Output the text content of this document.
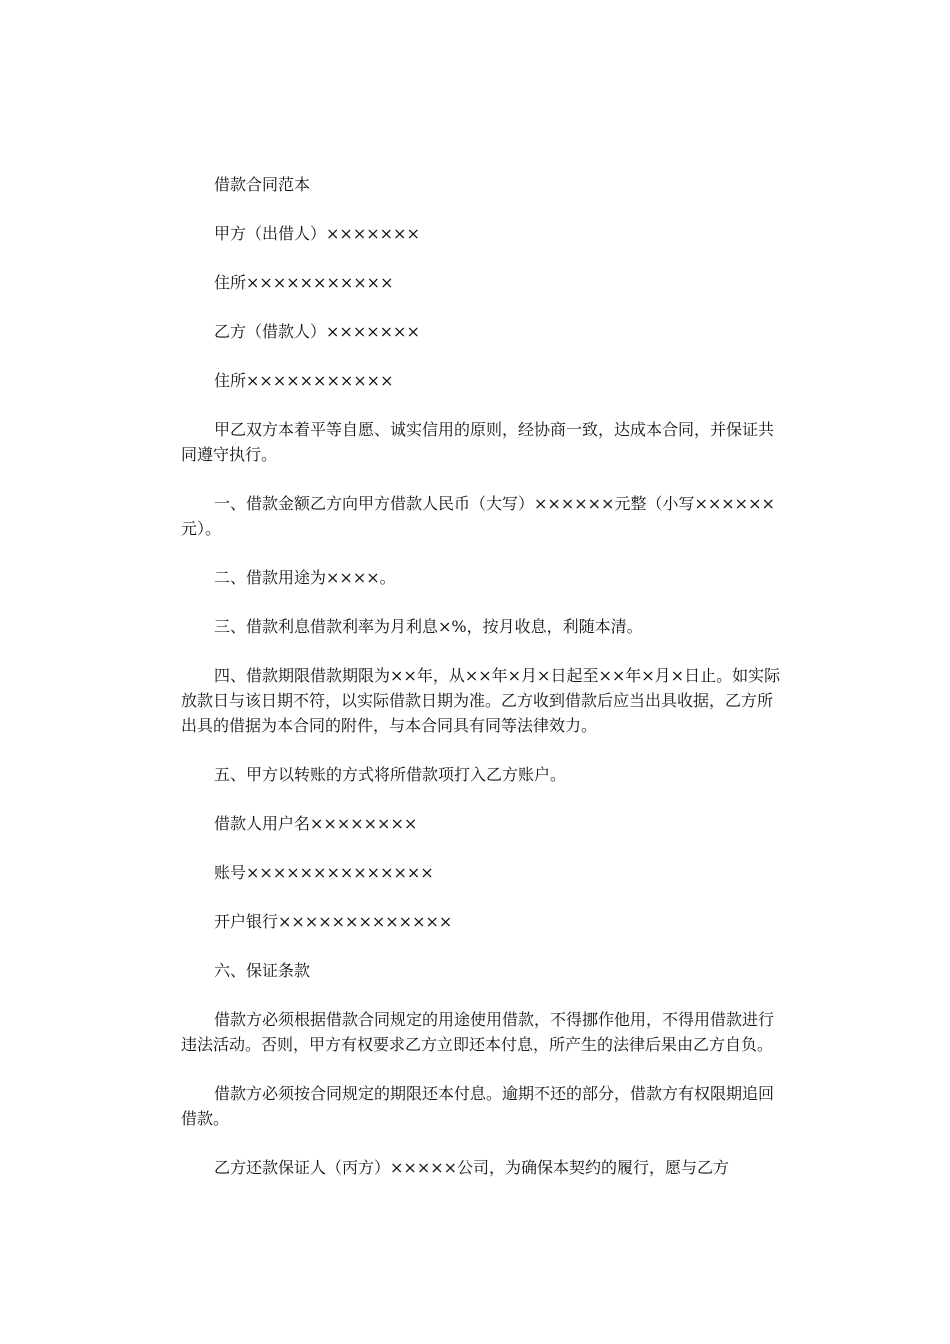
借款合同范本

甲方（出借人）×××××××

住所×××××××××××

乙方（借款人）×××××××

住所×××××××××××

甲乙双方本着平等自愿、诚实信用的原则，经协商一致，达成本合同，并保证共同遵守执行。

一、借款金额乙方向甲方借款人民币（大写）××××××元整（小写××××××元）。

二、借款用途为××××。

三、借款利息借款利率为月利息×%，按月收息，利随本清。

四、借款期限借款期限为××年，从××年×月×日起至××年×月×日止。如实际放款日与该日期不符，以实际借款日期为准。乙方收到借款后应当出具收据，乙方所出具的借据为本合同的附件，与本合同具有同等法律效力。

五、甲方以转账的方式将所借款项打入乙方账户。

借款人用户名××××××××

账号××××××××××××××

开户银行×××××××××××××

六、保证条款

借款方必须根据借款合同规定的用途使用借款，不得挪作他用，不得用借款进行违法活动。否则，甲方有权要求乙方立即还本付息，所产生的法律后果由乙方自负。

借款方必须按合同规定的期限还本付息。逾期不还的部分，借款方有权限期追回借款。

乙方还款保证人（丙方）×××××公司，为确保本契约的履行，愿与乙方
